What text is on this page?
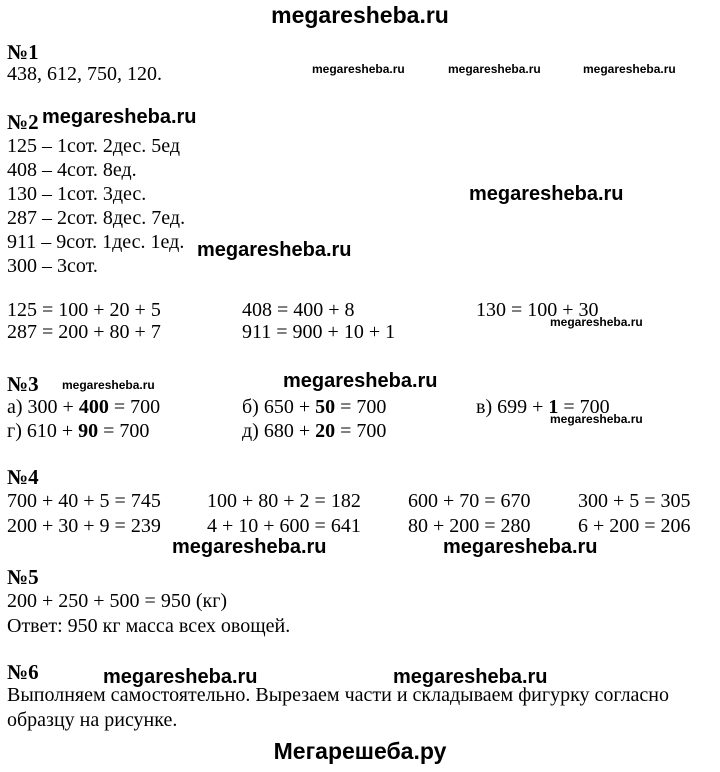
megaresheba.ru
№1
438, 612, 750, 120.
№2
125 – 1сот. 2дес. 5ед
408 – 4сот. 8ед.
130 – 1сот. 3дес.
287 – 2сот. 8дес. 7ед.
911 – 9сот. 1дес. 1ед.
300 – 3сот.
125 = 100 + 20 + 5	408 = 400 + 8	130 = 100 + 30
287 = 200 + 80 + 7	911 = 900 + 10 + 1
№3
а) 300 + 400 = 700	б) 650 + 50 = 700	в) 699 + 1 = 700
г) 610 + 90 = 700	д) 680 + 20 = 700
№4
700 + 40 + 5 = 745 100 + 80 + 2 = 182 600 + 70 = 670 300 + 5 = 305
200 + 30 + 9 = 239 4 + 10 + 600 = 641 80 + 200 = 280 6 + 200 = 206
№5
200 + 250 + 500 = 950 (кг)
Ответ: 950 кг масса всех овощей.
№6
Выполняем самостоятельно. Вырезаем части и складываем фигурку согласно
образцу на рисунке.
megaresheba.ru	megaresheba.ru	megaresheba.ru
megaresheba.ru
megaresheba.ru
megaresheba.ru
megaresheba.ru
megaresheba.ru	megaresheba.ru
megaresheba.ru
megaresheba.ru	megaresheba.ru
megaresheba.ru	megaresheba.ru
Мегарешеба.ру
